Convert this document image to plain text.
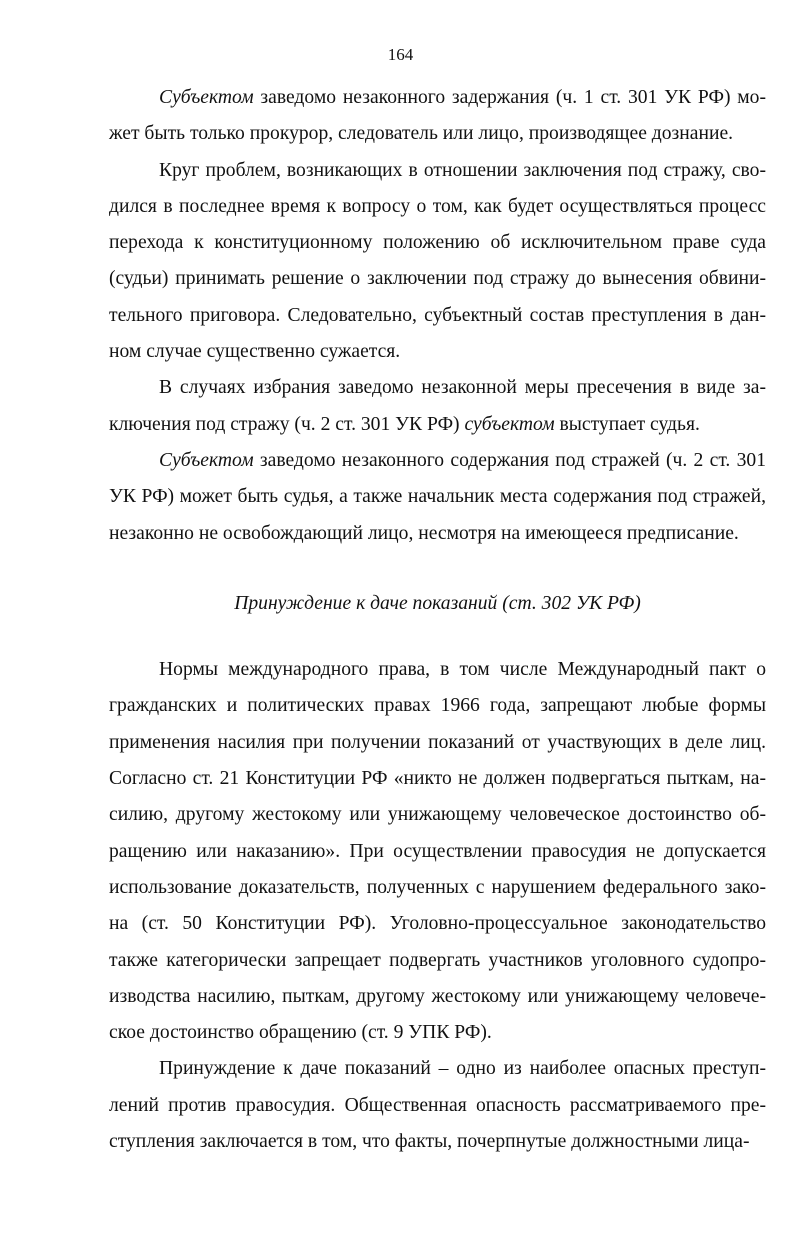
164
Субъектом заведомо незаконного задержания (ч. 1 ст. 301 УК РФ) мо-
жет быть только прокурор, следователь или лицо, производящее дознание.
Круг проблем, возникающих в отношении заключения под стражу, сво-
дился в последнее время к вопросу о том, как будет осуществляться процесс
перехода к конституционному положению об исключительном праве суда
(судьи) принимать решение о заключении под стражу до вынесения обвини-
тельного приговора. Следовательно, субъектный состав преступления в дан-
ном случае существенно сужается.
В случаях избрания заведомо незаконной меры пресечения в виде за-
ключения под стражу (ч. 2 ст. 301 УК РФ) субъектом выступает судья.
Субъектом заведомо незаконного содержания под стражей (ч. 2 ст. 301
УК РФ) может быть судья, а также начальник места содержания под стражей,
незаконно не освобождающий лицо, несмотря на имеющееся предписание.
Принуждение к даче показаний (ст. 302 УК РФ)
Нормы международного права, в том числе Международный пакт о
гражданских и политических правах 1966 года, запрещают любые формы
применения насилия при получении показаний от участвующих в деле лиц.
Согласно ст. 21 Конституции РФ «никто не должен подвергаться пыткам, на-
силию, другому жестокому или унижающему человеческое достоинство об-
ращению или наказанию». При осуществлении правосудия не допускается
использование доказательств, полученных с нарушением федерального зако-
на (ст. 50 Конституции РФ). Уголовно-процессуальное законодательство
также категорически запрещает подвергать участников уголовного судопро-
изводства насилию, пыткам, другому жестокому или унижающему человече-
ское достоинство обращению (ст. 9 УПК РФ).
Принуждение к даче показаний – одно из наиболее опасных преступ-
лений против правосудия. Общественная опасность рассматриваемого пре-
ступления заключается в том, что факты, почерпнутые должностными лица-
